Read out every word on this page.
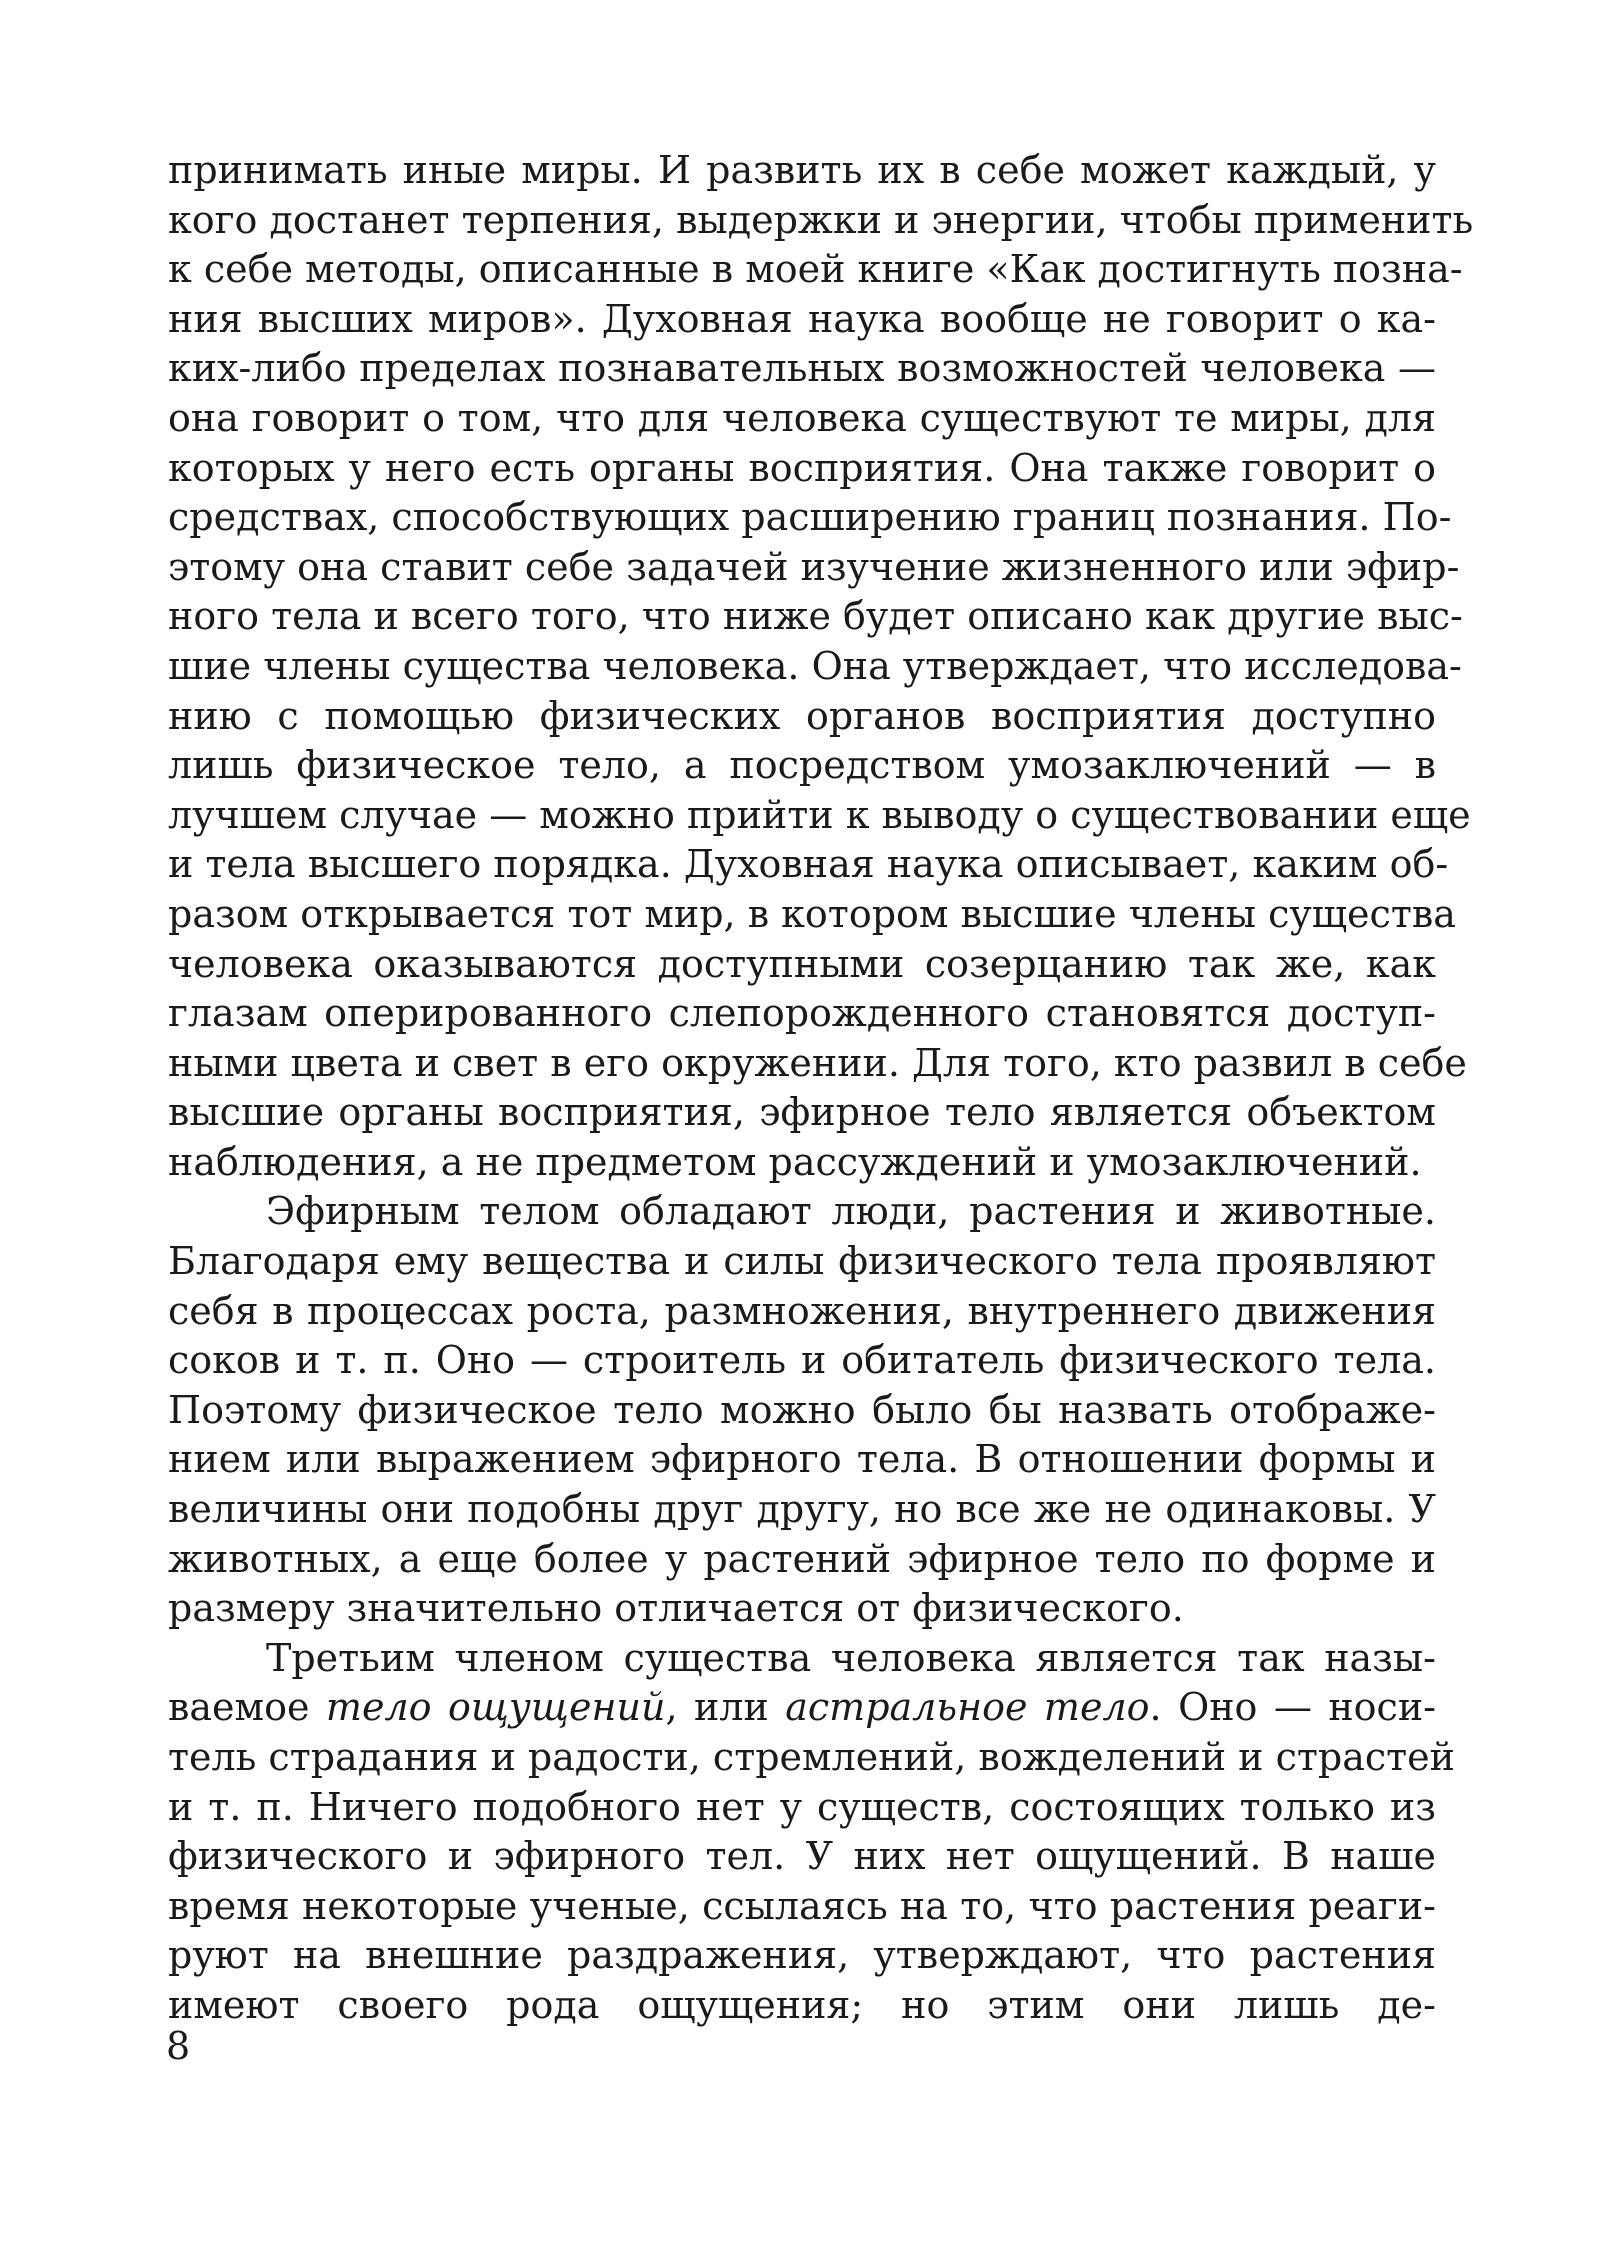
принимать иные миры. И развить их в себе может каждый, у
кого достанет терпения, выдержки и энергии, чтобы применить
к себе методы, описанные в моей книге «Как достигнуть позна-
ния высших миров». Духовная наука вообще не говорит о ка-
ких-либо пределах познавательных возможностей человека —
она говорит о том, что для человека существуют те миры, для
которых у него есть органы восприятия. Она также говорит о
средствах, способствующих расширению границ познания. По-
этому она ставит себе задачей изучение жизненного или эфир-
ного тела и всего того, что ниже будет описано как другие выс-
шие члены существа человека. Она утверждает, что исследова-
нию с помощью физических органов восприятия доступно
лишь физическое тело, а посредством умозаключений — в
лучшем случае — можно прийти к выводу о существовании еще
и тела высшего порядка. Духовная наука описывает, каким об-
разом открывается тот мир, в котором высшие члены существа
человека оказываются доступными созерцанию так же, как
глазам оперированного слепорожденного становятся доступ-
ными цвета и свет в его окружении. Для того, кто развил в себе
высшие органы восприятия, эфирное тело является объектом
наблюдения, а не предметом рассуждений и умозаключений.
Эфирным телом обладают люди, растения и животные.
Благодаря ему вещества и силы физического тела проявляют
себя в процессах роста, размножения, внутреннего движения
соков и т. п. Оно — строитель и обитатель физического тела.
Поэтому физическое тело можно было бы назвать отображе-
нием или выражением эфирного тела. В отношении формы и
величины они подобны друг другу, но все же не одинаковы. У
животных, а еще более у растений эфирное тело по форме и
размеру значительно отличается от физического.
Третьим членом существа человека является так назы-
ваемое тело ощущений, или астральное тело. Оно — носи-
тель страдания и радости, стремлений, вожделений и страстей
и т. п. Ничего подобного нет у существ, состоящих только из
физического и эфирного тел. У них нет ощущений. В наше
время некоторые ученые, ссылаясь на то, что растения реаги-
руют на внешние раздражения, утверждают, что растения
имеют своего рода ощущения; но этим они лишь де-
8
